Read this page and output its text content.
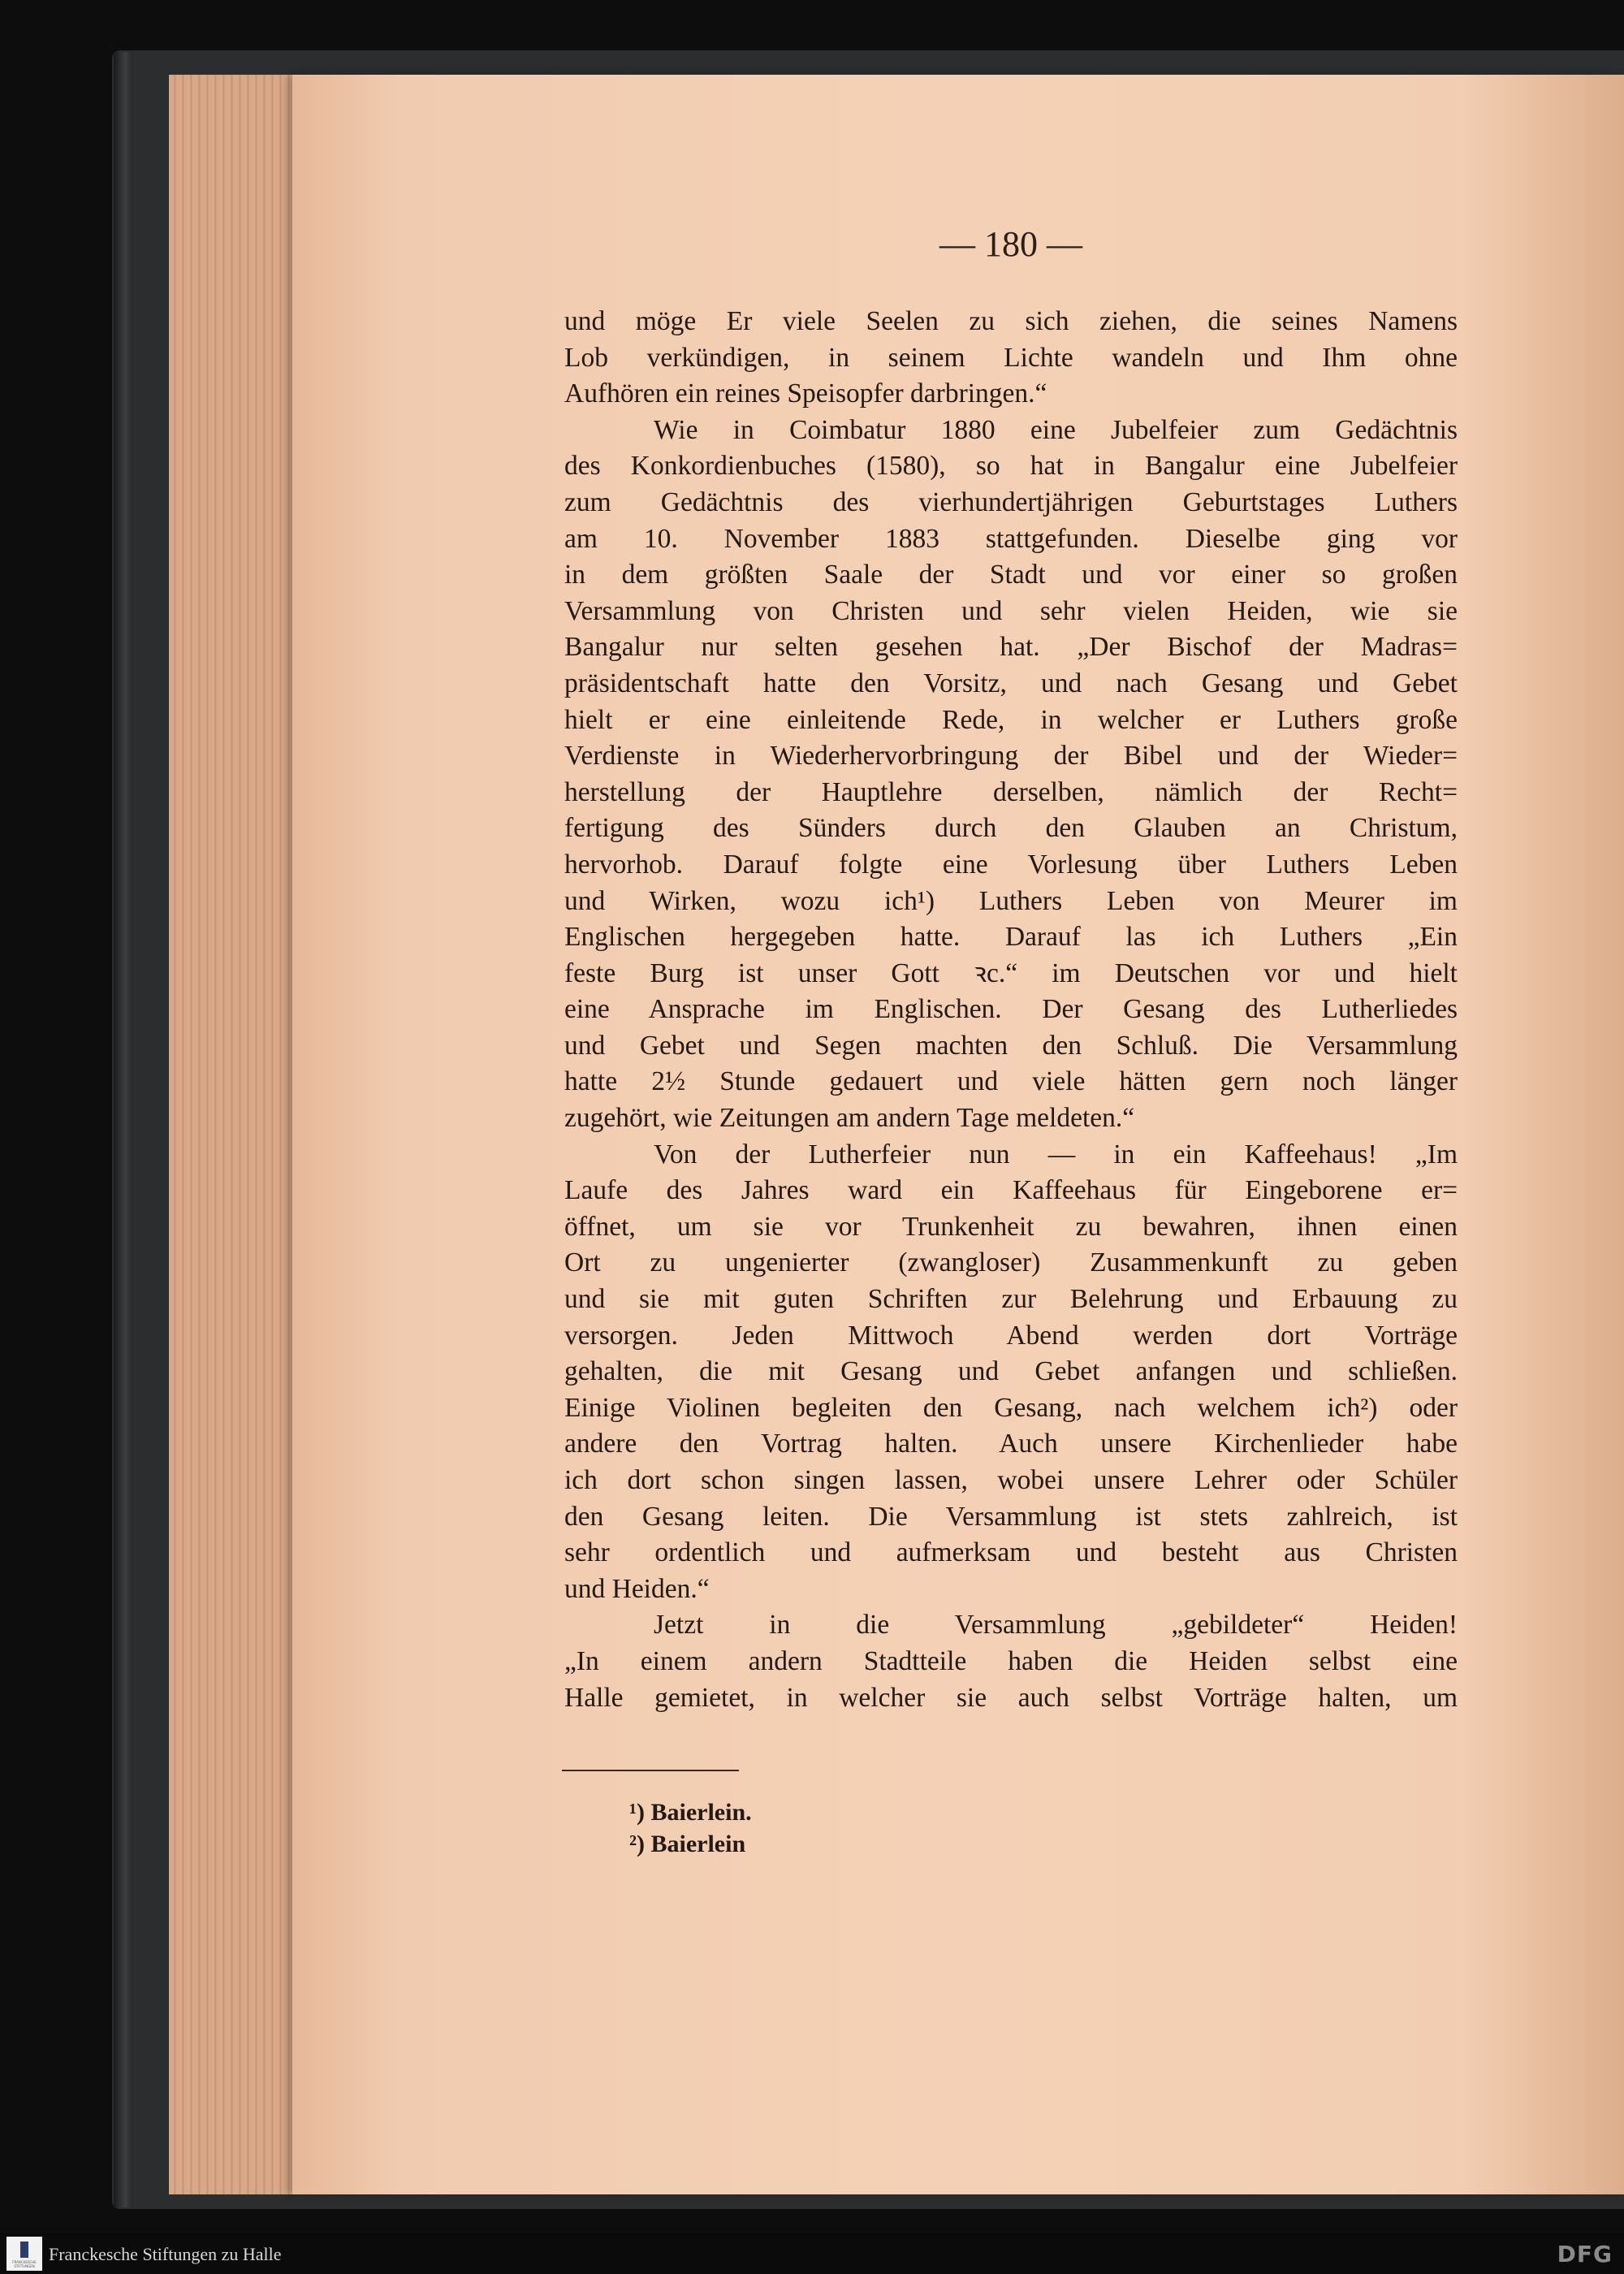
— 180 —
und möge Er viele Seelen zu sich ziehen, die seines Namens
Lob verkündigen, in seinem Lichte wandeln und Ihm ohne
Aufhören ein reines Speisopfer darbringen.“
Wie in Coimbatur 1880 eine Jubelfeier zum Gedächtnis
des Konkordienbuches (1580), so hat in Bangalur eine Jubelfeier
zum Gedächtnis des vierhundertjährigen Geburtstages Luthers
am 10. November 1883 stattgefunden. Dieselbe ging vor
in dem größten Saale der Stadt und vor einer so großen
Versammlung von Christen und sehr vielen Heiden, wie sie
Bangalur nur selten gesehen hat. „Der Bischof der Madras=
präsidentschaft hatte den Vorsitz, und nach Gesang und Gebet
hielt er eine einleitende Rede, in welcher er Luthers große
Verdienste in Wiederhervorbringung der Bibel und der Wieder=
herstellung der Hauptlehre derselben, nämlich der Recht=
fertigung des Sünders durch den Glauben an Christum,
hervorhob. Darauf folgte eine Vorlesung über Luthers Leben
und Wirken, wozu ich¹) Luthers Leben von Meurer im
Englischen hergegeben hatte. Darauf las ich Luthers „Ein
feste Burg ist unser Gott ꝛc.“ im Deutschen vor und hielt
eine Ansprache im Englischen. Der Gesang des Lutherliedes
und Gebet und Segen machten den Schluß. Die Versammlung
hatte 2½ Stunde gedauert und viele hätten gern noch länger
zugehört, wie Zeitungen am andern Tage meldeten.“
Von der Lutherfeier nun — in ein Kaffeehaus! „Im
Laufe des Jahres ward ein Kaffeehaus für Eingeborene er=
öffnet, um sie vor Trunkenheit zu bewahren, ihnen einen
Ort zu ungenierter (zwangloser) Zusammenkunft zu geben
und sie mit guten Schriften zur Belehrung und Erbauung zu
versorgen. Jeden Mittwoch Abend werden dort Vorträge
gehalten, die mit Gesang und Gebet anfangen und schließen.
Einige Violinen begleiten den Gesang, nach welchem ich²) oder
andere den Vortrag halten. Auch unsere Kirchenlieder habe
ich dort schon singen lassen, wobei unsere Lehrer oder Schüler
den Gesang leiten. Die Versammlung ist stets zahlreich, ist
sehr ordentlich und aufmerksam und besteht aus Christen
und Heiden.“
Jetzt in die Versammlung „gebildeter“ Heiden!
„In einem andern Stadtteile haben die Heiden selbst eine
Halle gemietet, in welcher sie auch selbst Vorträge halten, um
¹) Baierlein.
²) Baierlein
FRANCKESCHE STIFTUNGEN
Franckesche Stiftungen zu Halle	DFG
